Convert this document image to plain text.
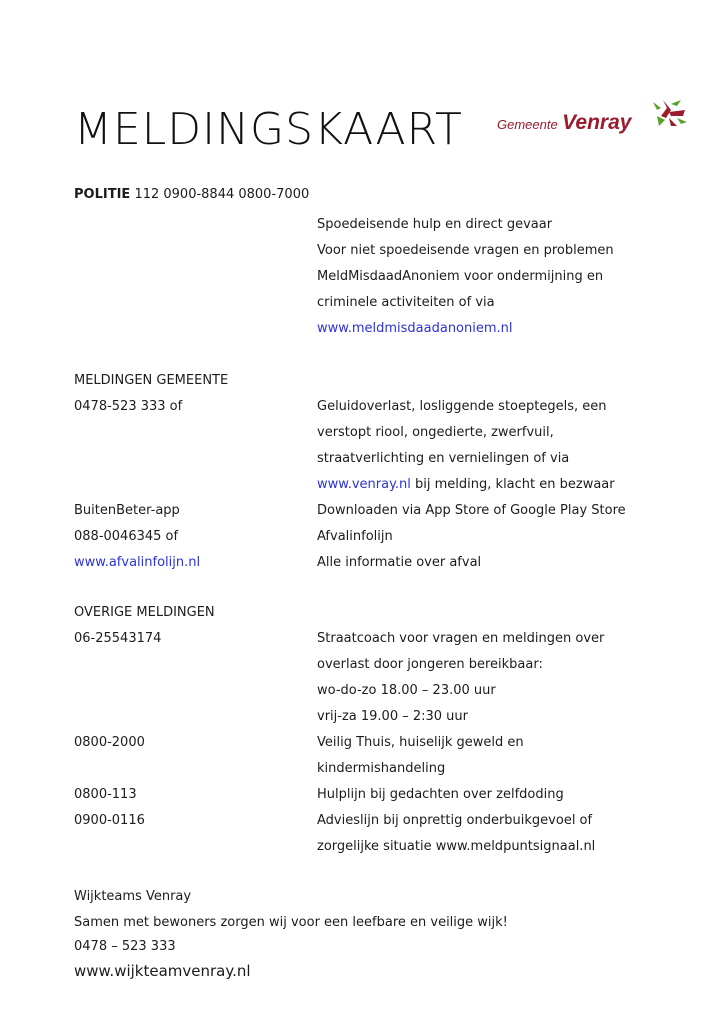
MELDINGSKAART	Gemeente Venray
POLITIE 112 0900-8844 0800-7000
Spoedeisende hulp en direct gevaar
Voor niet spoedeisende vragen en problemen
MeldMisdaadAnoniem voor ondermijning en
criminele activiteiten of via
www.meldmisdaadanoniem.nl
MELDINGEN GEMEENTE
0478-523 333 of	Geluidoverlast, losliggende stoeptegels, een
verstopt riool, ongedierte, zwerfvuil,
straatverlichting en vernielingen of via
www.venray.nl bij melding, klacht en bezwaar
BuitenBeter-app	Downloaden via App Store of Google Play Store
088-0046345 of	Afvalinfolijn
www.afvalinfolijn.nl	Alle informatie over afval
OVERIGE MELDINGEN
06-25543174	Straatcoach voor vragen en meldingen over
overlast door jongeren bereikbaar:
wo-do-zo 18.00 – 23.00 uur
vrij-za 19.00 – 2:30 uur
0800-2000	Veilig Thuis, huiselijk geweld en
kindermishandeling
0800-113	Hulplijn bij gedachten over zelfdoding
0900-0116	Advieslijn bij onprettig onderbuikgevoel of
zorgelijke situatie www.meldpuntsignaal.nl
Wijkteams Venray
Samen met bewoners zorgen wij voor een leefbare en veilige wijk!
0478 – 523 333
www.wijkteamvenray.nl
